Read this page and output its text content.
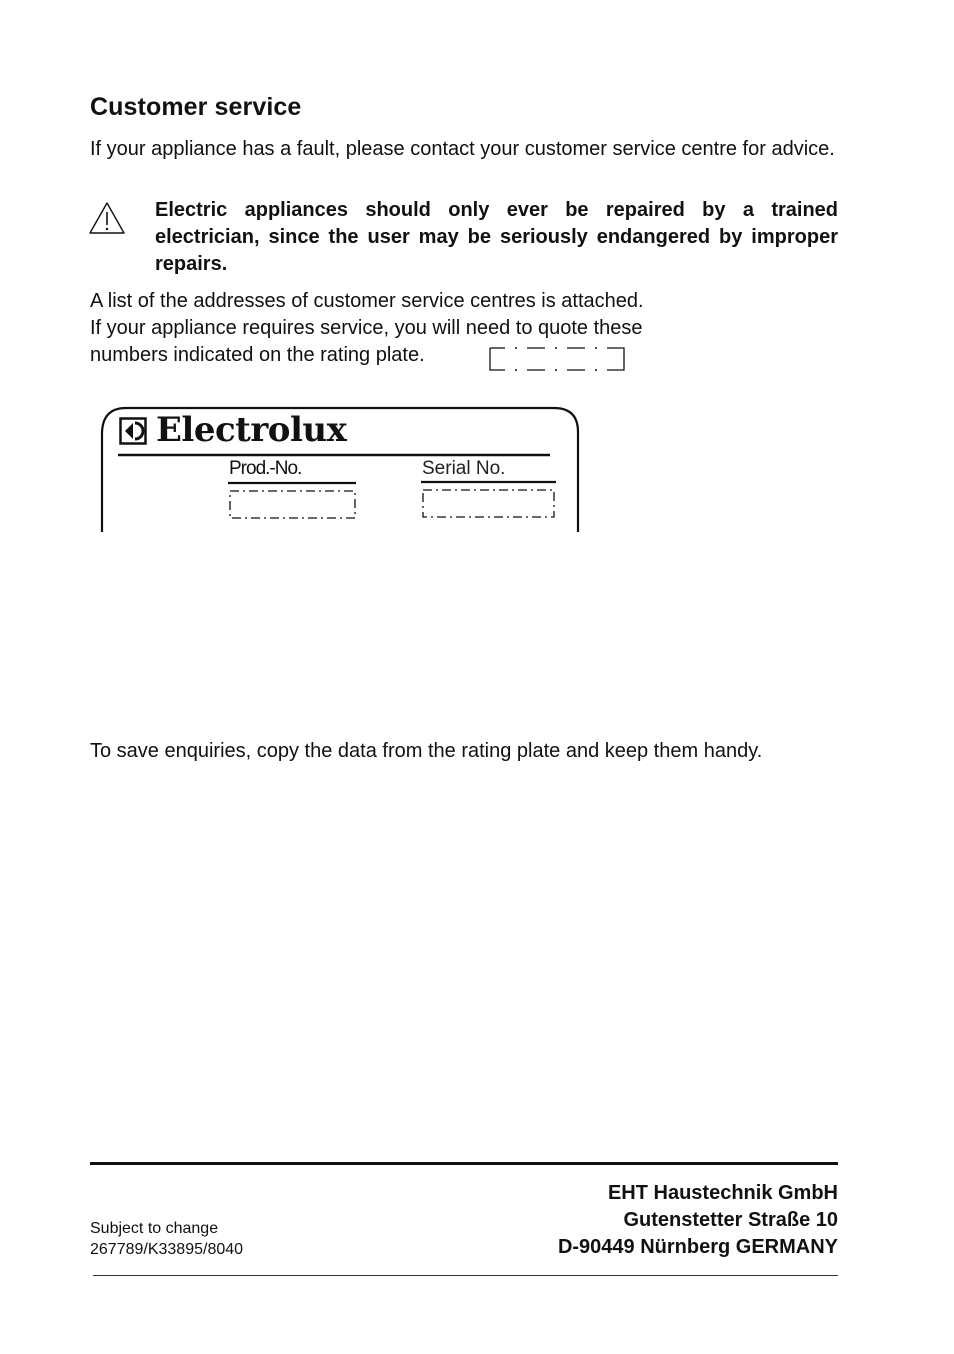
Customer service
If your appliance has a fault, please contact your customer service centre for advice.
Electric appliances should only ever be repaired by a trained electrician, since the user may be seriously endangered by improper repairs.
A list of the addresses of customer service centres is attached.
If your appliance requires service, you will need to quote these
numbers indicated on the rating plate.
Electrolux
Prod.-No.	Serial No.
To save enquiries, copy the data from the rating plate and keep them handy.
Subject to change
267789/K33895/8040
EHT Haustechnik GmbH
Gutenstetter Straße 10
D-90449 Nürnberg GERMANY
